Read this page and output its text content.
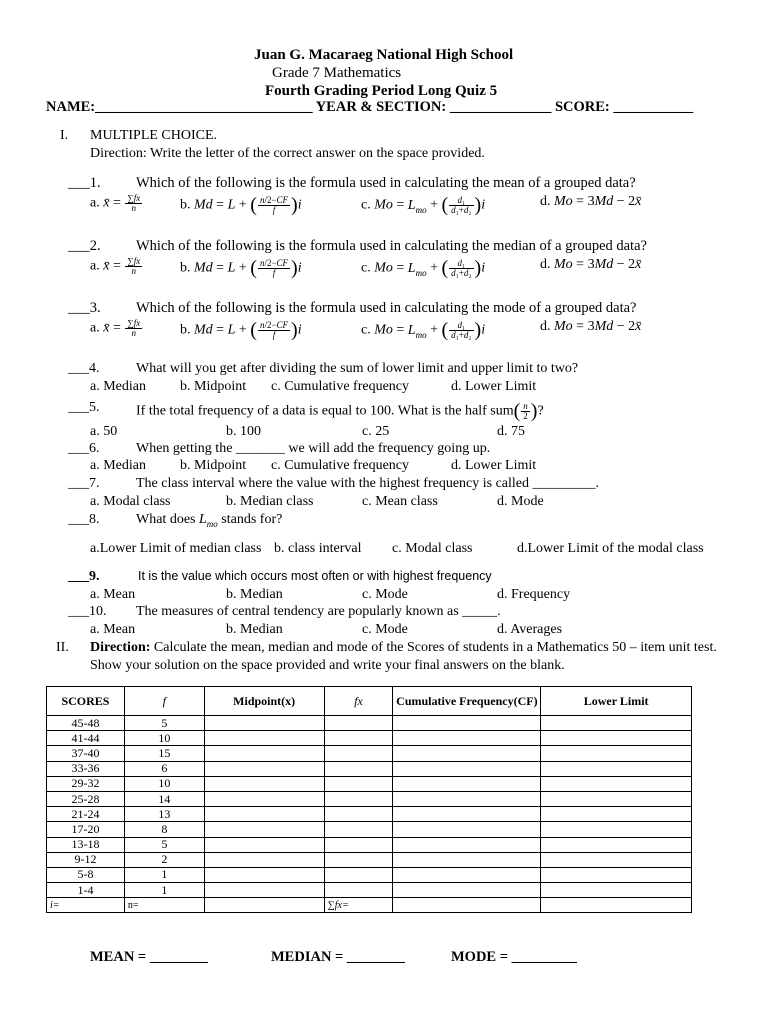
Juan G. Macaraeg National High School
Grade 7 Mathematics
Fourth Grading Period Long Quiz 5
NAME:______________________________ YEAR & SECTION: ______________ SCORE: ___________
I. MULTIPLE CHOICE.
Direction: Write the letter of the correct answer on the space provided.
___1. Which of the following is the formula used in calculating the mean of a grouped data?
a. x̄ = $\frac{\sum fx}{n}$	b. Md = L + ( $\frac{n/2-CF}{f} )i$	c. $Mo = L_{mo}$ + ( $\frac{\text{d₁}}{\text{d₁+d₂}} )i$	d. Mo = 3Md − 2x̄
___2. Which of the following is the formula used in calculating the median of a grouped data?
a. x̄ = $\frac{\sum fx}{n}$	b. Md = L + ( $\frac{n/2-CF}{f} )i$	c. $Mo = L_{mo}$ + ( $\frac{\text{d₁}}{\text{d₁+d₂}} )i$	d. Mo = 3Md − 2x̄
___3. Which of the following is the formula used in calculating the mode of a grouped data?
a. x̄ = $\frac{\sum fx}{n}$	b. Md = L + ( $\frac{n/2-CF}{f} )i$	c. $Mo = L_{mo}$ + ( $\frac{\text{d₁}}{\text{d₁+d₂}} )i$	d. Mo = 3Md − 2x̄
___4.	What will you get after dividing the sum of lower limit and upper limit to two?
a. Median b. Midpoint c. Cumulative frequency	d. Lower Limit
___5.	If the total frequency of a data is equal to 100. What is the half $sum( \frac{n}{2}$ )?
a. 50	b. 100	c. 25	d. 75
___6.	When getting the _______ we will add the frequency going up.
a. Median b. Midpoint c. Cumulative frequency	d. Lower Limit
___7.	The class interval where the value with the highest frequency is called _________.
a. Modal class	b. Median class	c. Mean class	d. Mode
___8.	What does $L_{mo}$ stands for?
a.Lower Limit of median class b. class interval c. Modal class	d.Lower Limit of the modal class
___9.	It is the value which occurs most often or with highest frequency
a. Mean	b. Median	c. Mode	d. Frequency
___10. The measures of central tendency are popularly known as _____.
a. Mean	b. Median	c. Mode	d. Averages
II. Direction: Calculate the mean, median and mode of the Scores of students in a Mathematics 50 – item unit test.
Show your solution on the space provided and write your final answers on the blank.
SCORES	f	Midpoint(x)	fx	Cumulative Frequency(CF)	Lower Limit
45-48	5				
41-44	10				
37-40	15				
33-36	6				
29-32	10				
25-28	14				
21-24	13				
17-20	8				
13-18	5				
9-12	2				
5-8	1				
1-4	1				
i=	n=		∑fx=		
MEAN = ________	MEDIAN = ________	MODE = _________
